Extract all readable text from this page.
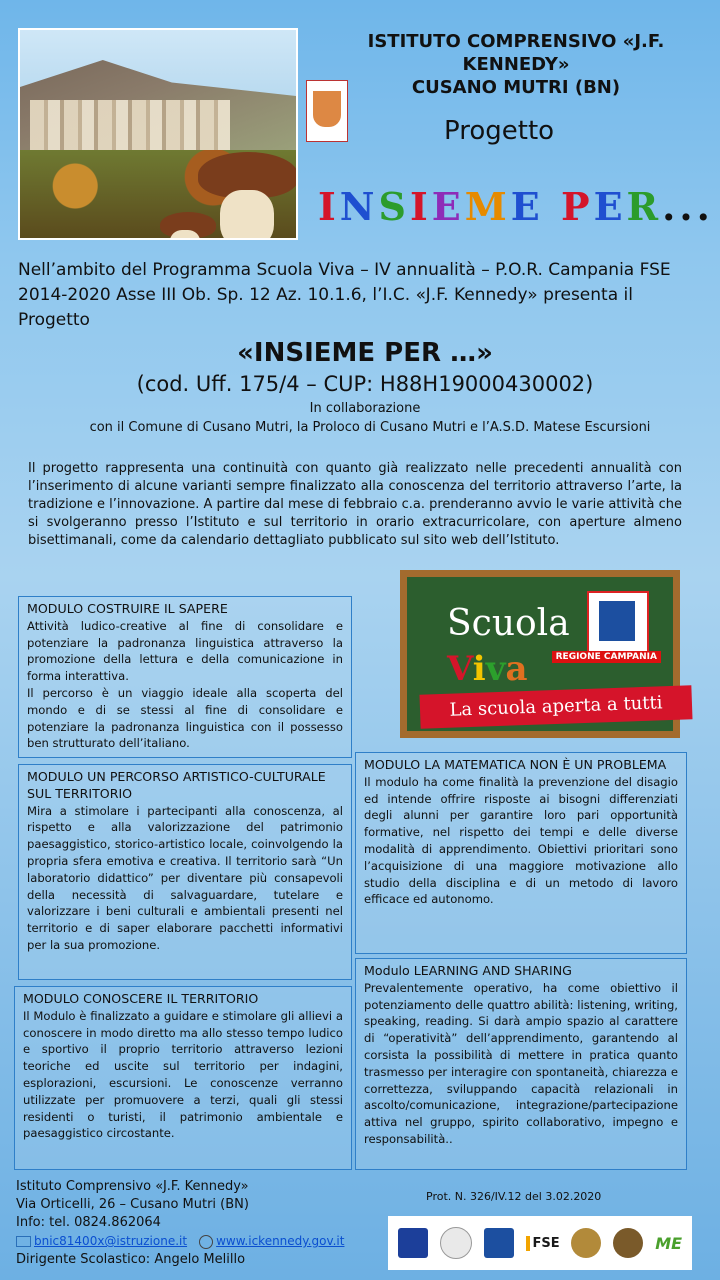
ISTITUTO COMPRENSIVO «J.F. KENNEDY»
CUSANO MUTRI (BN)
Progetto
INSIEME PER...
Nell’ambito del Programma Scuola Viva – IV annualità – P.O.R. Campania FSE 2014-2020 Asse III Ob. Sp. 12 Az. 10.1.6, l’I.C. «J.F. Kennedy» presenta il Progetto
«INSIEME PER …»
(cod. Uff. 175/4 – CUP: H88H19000430002)
In collaborazione
con il Comune di Cusano Mutri, la Proloco di Cusano Mutri e l’A.S.D. Matese Escursioni
Il progetto rappresenta una continuità con quanto già realizzato nelle precedenti annualità con l’inserimento di alcune varianti sempre finalizzato alla conoscenza del territorio attraverso l’arte, la tradizione e l’innovazione. A partire dal mese di febbraio c.a. prenderanno avvio le varie attività che si svolgeranno presso l’Istituto e sul territorio in orario extracurricolare, con aperture almeno bisettimanali, come da calendario dettagliato pubblicato sul sito web dell’Istituto.
Scuola
Viva	REGIONE CAMPANIA
La scuola aperta a tutti
MODULO COSTRUIRE IL SAPERE

Attività ludico-creative al fine di consolidare e potenziare la padronanza linguistica attraverso la promozione della lettura e della comunicazione in forma interattiva.

Il percorso è un viaggio ideale alla scoperta del mondo e di se stessi al fine di consolidare e potenziare la padronanza linguistica con il possesso ben strutturato dell’italiano.

MODULO UN PERCORSO ARTISTICO-CULTURALE SUL TERRITORIO

Mira a stimolare i partecipanti alla conoscenza, al rispetto e alla valorizzazione del patrimonio paesaggistico, storico-artistico locale, coinvolgendo la propria sfera emotiva e creativa. Il territorio sarà “Un laboratorio didattico” per diventare più consapevoli della necessità di salvaguardare, tutelare e valorizzare i beni culturali e ambientali presenti nel territorio e di saper elaborare pacchetti informativi per la sua promozione.

MODULO LA MATEMATICA NON È UN PROBLEMA

Il modulo ha come finalità la prevenzione del disagio ed intende offrire risposte ai bisogni differenziati degli alunni per garantire loro pari opportunità formative, nel rispetto dei tempi e delle diverse modalità di apprendimento. Obiettivi prioritari sono l’acquisizione di una maggiore motivazione allo studio della disciplina e di un metodo di lavoro efficace ed autonomo.

Modulo LEARNING AND SHARING

Prevalentemente operativo, ha come obiettivo il potenziamento delle quattro abilità: listening, writing, speaking, reading. Si darà ampio spazio al carattere di “operatività” dell’apprendimento, garantendo al corsista la possibilità di mettere in pratica quanto trasmesso per interagire con spontaneità, chiarezza e correttezza, sviluppando capacità relazionali in ascolto/comunicazione, integrazione/partecipazione attiva nel gruppo, spirito collaborativo, impegno e responsabilità..

MODULO CONOSCERE IL TERRITORIO

Il Modulo è finalizzato a guidare e stimolare gli allievi a conoscere in modo diretto ma allo stesso tempo ludico e sportivo il proprio territorio attraverso lezioni teoriche ed uscite sul territorio per indagini, esplorazioni, escursioni. Le conoscenze verranno utilizzate per promuovere a terzi, quali gli stessi residenti o turisti, il patrimonio ambientale e paesaggistico circostante.

Istituto Comprensivo «J.F. Kennedy»
Via Orticelli, 26 – Cusano Mutri (BN)
Info: tel. 0824.862064
bnic81400x@istruzione.it www.ickennedy.gov.it
Dirigente Scolastico: Angelo Melillo
Prot. N. 326/IV.12 del 3.02.2020
FSE	ME
